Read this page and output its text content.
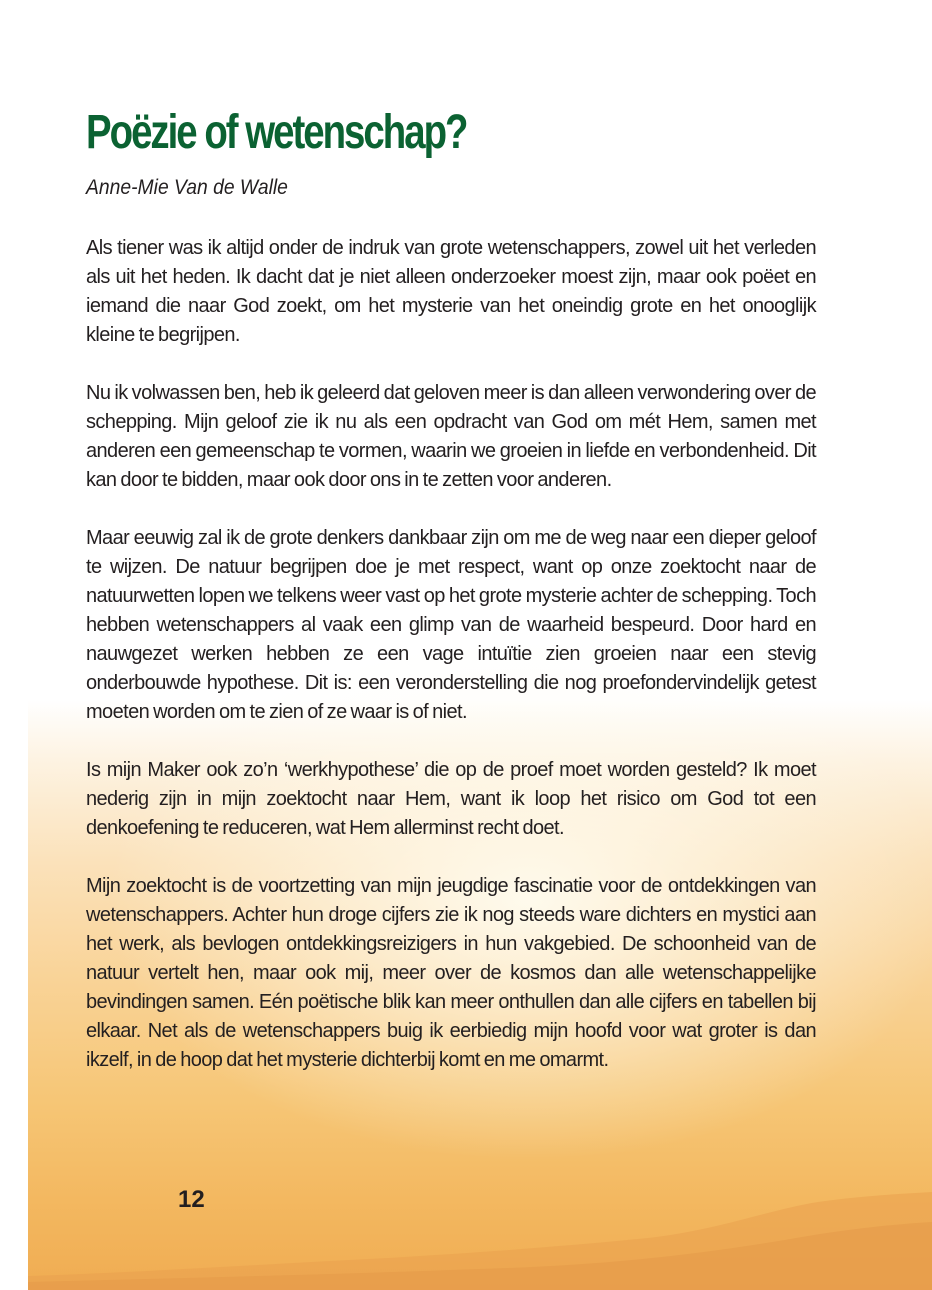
Poëzie of wetenschap?

Anne-Mie Van de Walle

Als tiener was ik altijd onder de indruk van grote wetenschappers, zowel uit het verleden als uit het heden. Ik dacht dat je niet alleen onderzoeker moest zijn, maar ook poëet en iemand die naar God zoekt, om het mysterie van het oneindig grote en het onooglijk kleine te begrijpen.

Nu ik volwassen ben, heb ik geleerd dat geloven meer is dan alleen verwondering over de schepping. Mijn geloof zie ik nu als een opdracht van God om mét Hem, samen met anderen een gemeenschap te vormen, waarin we groeien in liefde en verbondenheid. Dit kan door te bidden, maar ook door ons in te zetten voor anderen.

Maar eeuwig zal ik de grote denkers dankbaar zijn om me de weg naar een dieper geloof te wijzen. De natuur begrijpen doe je met respect, want op onze zoektocht naar de natuurwetten lopen we telkens weer vast op het grote mysterie achter de schepping. Toch hebben wetenschappers al vaak een glimp van de waarheid bespeurd. Door hard en nauwgezet werken hebben ze een vage intuïtie zien groeien naar een stevig onderbouwde hypothese. Dit is: een veronderstelling die nog proefondervindelijk getest moeten worden om te zien of ze waar is of niet.

Is mijn Maker ook zo’n ‘werkhypothese’ die op de proef moet worden gesteld? Ik moet nederig zijn in mijn zoektocht naar Hem, want ik loop het risico om God tot een denkoefening te reduceren, wat Hem allerminst recht doet.

Mijn zoektocht is de voortzetting van mijn jeugdige fascinatie voor de ontdekkingen van wetenschappers. Achter hun droge cijfers zie ik nog steeds ware dichters en mystici aan het werk, als bevlogen ontdekkingsreizigers in hun vakgebied. De schoonheid van de natuur vertelt hen, maar ook mij, meer over de kosmos dan alle wetenschappelijke bevindingen samen. Eén poëtische blik kan meer onthullen dan alle cijfers en tabellen bij elkaar. Net als de wetenschappers buig ik eerbiedig mijn hoofd voor wat groter is dan ikzelf, in de hoop dat het mysterie dichterbij komt en me omarmt.

12
